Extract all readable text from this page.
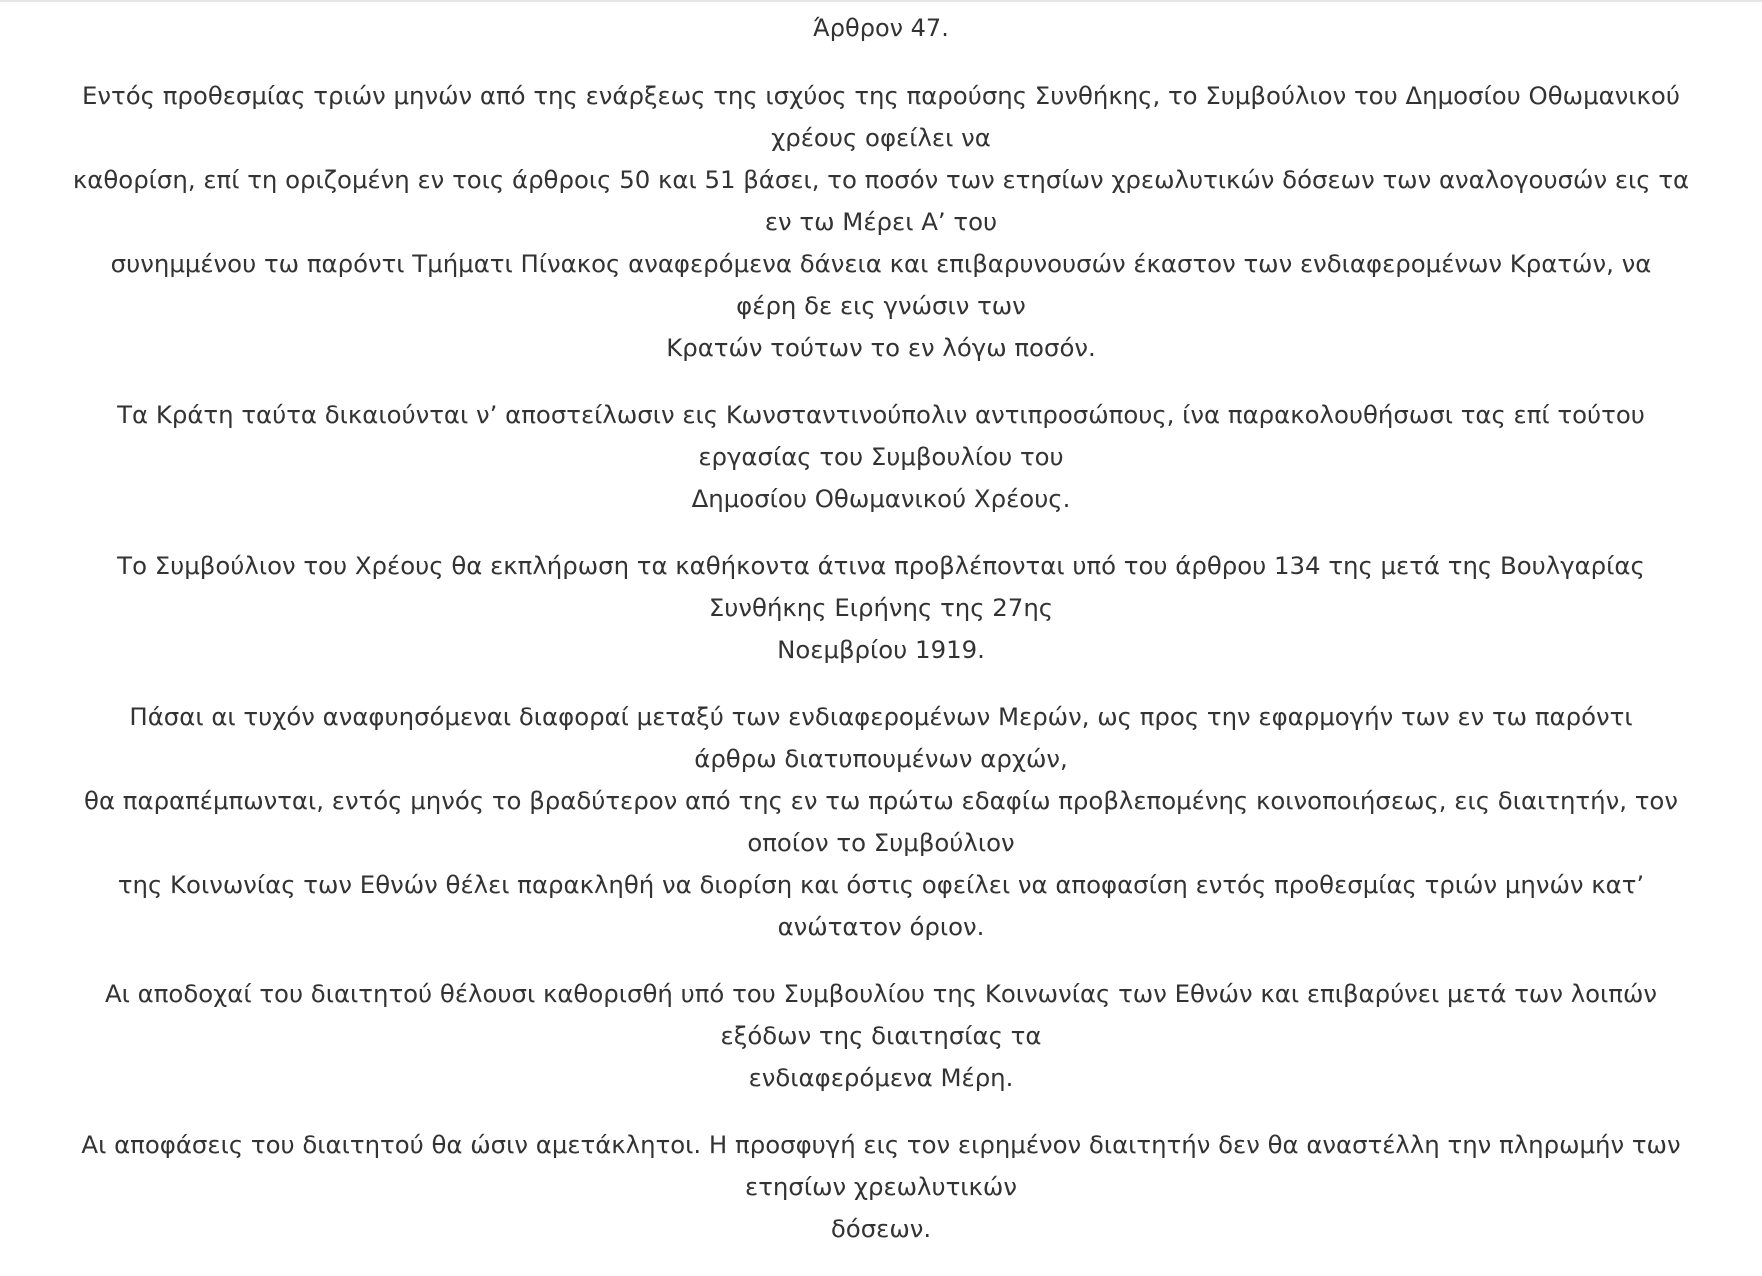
Άρθρον 47.

Εντός προθεσμίας τριών μηνών από της ενάρξεως της ισχύος της παρούσης Συνθήκης, το Συμβούλιον του Δημοσίου Οθωμανικού
χρέους οφείλει να
καθορίση, επί τη οριζομένη εν τοις άρθροις 50 και 51 βάσει, το ποσόν των ετησίων χρεωλυτικών δόσεων των αναλογουσών εις τα
εν τω Μέρει Α’ του
συνημμένου τω παρόντι Τμήματι Πίνακος αναφερόμενα δάνεια και επιβαρυνουσών έκαστον των ενδιαφερομένων Κρατών, να
φέρη δε εις γνώσιν των
Κρατών τούτων το εν λόγω ποσόν.

Τα Κράτη ταύτα δικαιούνται ν’ αποστείλωσιν εις Κωνσταντινούπολιν αντιπροσώπους, ίνα παρακολουθήσωσι τας επί τούτου
εργασίας του Συμβουλίου του
Δημοσίου Οθωμανικού Χρέους.

Το Συμβούλιον του Χρέους θα εκπλήρωση τα καθήκοντα άτινα προβλέπονται υπό του άρθρου 134 της μετά της Βουλγαρίας
Συνθήκης Ειρήνης της 27ης
Νοεμβρίου 1919.

Πάσαι αι τυχόν αναφυησόμεναι διαφοραί μεταξύ των ενδιαφερομένων Μερών, ως προς την εφαρμογήν των εν τω παρόντι
άρθρω διατυπουμένων αρχών,
θα παραπέμπωνται, εντός μηνός το βραδύτερον από της εν τω πρώτω εδαφίω προβλεπομένης κοινοποιήσεως, εις διαιτητήν, τον
οποίον το Συμβούλιον
της Κοινωνίας των Εθνών θέλει παρακληθή να διορίση και όστις οφείλει να αποφασίση εντός προθεσμίας τριών μηνών κατ’
ανώτατον όριον.

Αι αποδοχαί του διαιτητού θέλουσι καθορισθή υπό του Συμβουλίου της Κοινωνίας των Εθνών και επιβαρύνει μετά των λοιπών
εξόδων της διαιτησίας τα
ενδιαφερόμενα Μέρη.

Αι αποφάσεις του διαιτητού θα ώσιν αμετάκλητοι. Η προσφυγή εις τον ειρημένον διαιτητήν δεν θα αναστέλλη την πληρωμήν των
ετησίων χρεωλυτικών
δόσεων.
